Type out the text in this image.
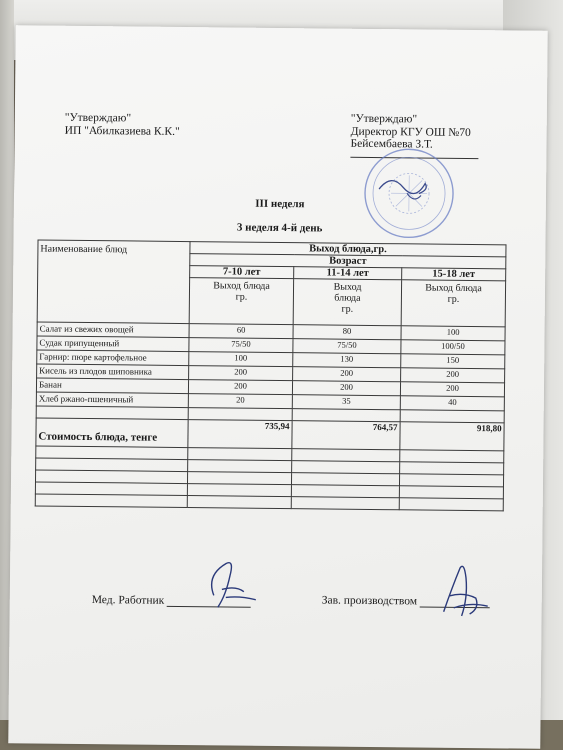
"Утверждаю"
ИП "Абилказиева К.К."
"Утверждаю"
Директор КГУ ОШ №70
Бейсембаева З.Т.
III неделя
3 неделя 4-й день
Наименование блюд	Выход блюда,гр.		
	Возраст		
	7-10 лет	11-14 лет	15-18 лет
	Выход блюда гр.	Выход блюда гр.	Выход блюда гр.
Салат из свежих овощей	60	80	100
Судак припущенный	75/50	75/50	100/50
Гарнир: пюре картофельное	100	130	150
Кисель из плодов шиповника	200	200	200
Банан	200	200	200
Хлеб ржано-пшеничный	20	35	40

Стоимость блюда, тенге	735,94	764,57	918,80

Мед. Работник	Зав. производством
